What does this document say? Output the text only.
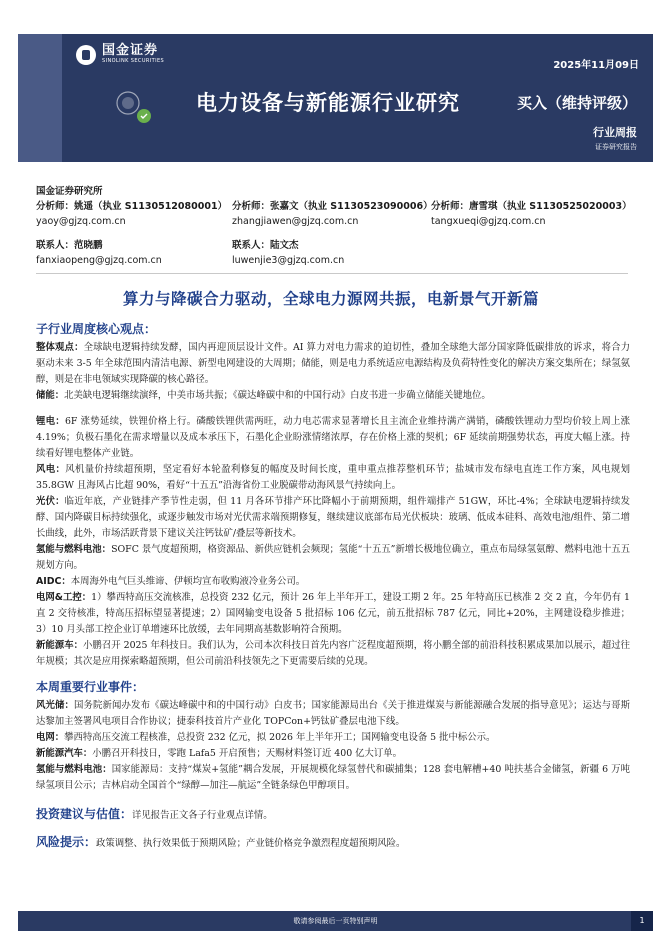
国金证券
SINOLINK SECURITIES	2025年11月09日
电力设备与新能源行业研究	买入（维持评级）
行业周报
证券研究报告
国金证券研究所
分析师：姚遥（执业 S1130512080001）
yaoy@gjzq.com.cn
分析师：张嘉文（执业 S1130523090006）
zhangjiawen@gjzq.com.cn
分析师：唐雪琪（执业 S1130525020003）
tangxueqi@gjzq.com.cn
联系人：范晓鹏
fanxiaopeng@gjzq.com.cn
联系人：陆文杰
luwenjie3@gjzq.com.cn
算力与降碳合力驱动，全球电力源网共振，电新景气开新篇
子行业周度核心观点：
整体观点：全球缺电逻辑持续发酵，国内再迎顶层设计文件。AI 算力对电力需求的迫切性，叠加全球绝大部分国家降低碳排放的诉求，将合力驱动未来 3-5 年全球范围内清洁电源、新型电网建设的大周期；储能，则是电力系统适应电源结构及负荷特性变化的解决方案交集所在；绿氢氨醇，则是在非电领域实现降碳的核心路径。
储能：北美缺电逻辑继续演绎，中美市场共振；《碳达峰碳中和的中国行动》白皮书进一步确立储能关键地位。
锂电：6F 涨势延续，铁锂价格上行。磷酸铁锂供需两旺，动力电芯需求显著增长且主流企业维持满产满销，磷酸铁锂动力型均价较上周上涨 4.19%；负极石墨化在需求增量以及成本承压下，石墨化企业盼涨情绪浓厚，存在价格上涨的契机；6F 延续前期强势状态，再度大幅上涨。持续看好锂电整体产业链。
风电：风机量价持续超预期，坚定看好本轮盈利修复的幅度及时间长度，重申重点推荐整机环节；盐城市发布绿电直连工作方案，风电规划 35.8GW 且海风占比超 90%，看好“十五五”沿海省份工业脱碳带动海风景气持续向上。
光伏：临近年底，产业链排产季节性走弱，但 11 月各环节排产环比降幅小于前期预期，组件端排产 51GW，环比-4%；全球缺电逻辑持续发酵、国内降碳目标持续强化，或逐步触发市场对光伏需求端预期修复，继续建议底部布局光伏板块：玻璃、低成本硅料、高效电池/组件、第二增长曲线，此外，市场活跃背景下建议关注钙钛矿/叠层等新技术。
氢能与燃料电池：SOFC 景气度超预期，格资源品、新供应链机会频现；氢能“十五五”新增长极地位确立，重点布局绿氢氨醇、燃料电池十五五规划方向。
AIDC：本周海外电气巨头维谛、伊顿均宣布收购液冷业务公司。
电网&工控：1）攀西特高压交流核准，总投资 232 亿元，预计 26 年上半年开工，建设工期 2 年。25 年特高压已核准 2 交 2 直，今年仍有 1 直 2 交待核准，特高压招标望显著提速；2）国网输变电设备 5 批招标 106 亿元，前五批招标 787 亿元，同比+20%，主网建设稳步推进；3）10 月头部工控企业订单增速环比放缓，去年同期高基数影响符合预期。
新能源车：小鹏召开 2025 年科技日。我们认为，公司本次科技日首先内容广泛程度超预期，将小鹏全部的前沿科技积累成果加以展示，超过往年规模；其次是应用探索略超预期，但公司前沿科技领先之下更需要后续的兑现。
本周重要行业事件：
风光储：国务院新闻办发布《碳达峰碳中和的中国行动》白皮书；国家能源局出台《关于推进煤炭与新能源融合发展的指导意见》；运达与哥斯达黎加主签署风电项目合作协议；捷泰科技首片产业化 TOPCon+钙钛矿叠层电池下线。
电网：攀西特高压交流工程核准，总投资 232 亿元，拟 2026 年上半年开工；国网输变电设备 5 批中标公示。
新能源汽车：小鹏召开科技日，零跑 Lafa5 开启预售；天赐材料签订近 400 亿大订单。
氢能与燃料电池：国家能源局：支持“煤炭+氢能”耦合发展，开展规模化绿氢替代和碳捕集；128 套电解槽+40 吨扶基合金储氢，新疆 6 万吨绿氢项目公示；吉林启动全国首个“绿醇—加注—航运”全链条绿色甲醇项目。
投资建议与估值：详见报告正文各子行业观点详情。
风险提示：政策调整、执行效果低于预期风险；产业链价格竞争激烈程度超预期风险。
敬请参阅最后一页特别声明	1
